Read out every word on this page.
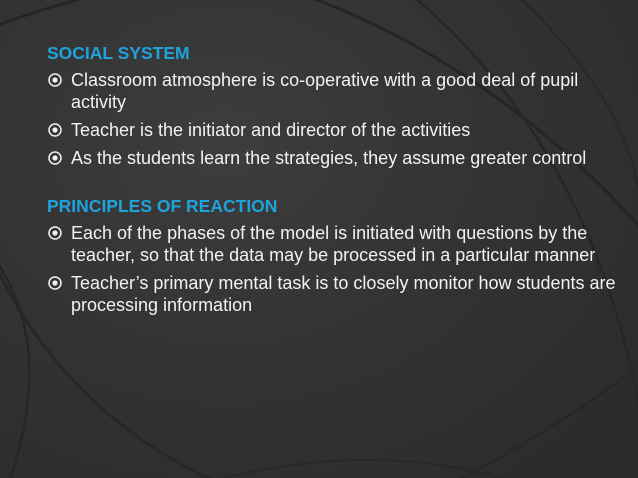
SOCIAL SYSTEM

Classroom atmosphere is co-operative with a good deal of pupil activity
Teacher is the initiator and director of the activities
As the students learn the strategies, they assume greater control

PRINCIPLES OF REACTION

Each of the phases of the model is initiated with questions by the teacher, so that the data may be processed in a particular manner
Teacher’s primary mental task is to closely monitor how students are processing information
